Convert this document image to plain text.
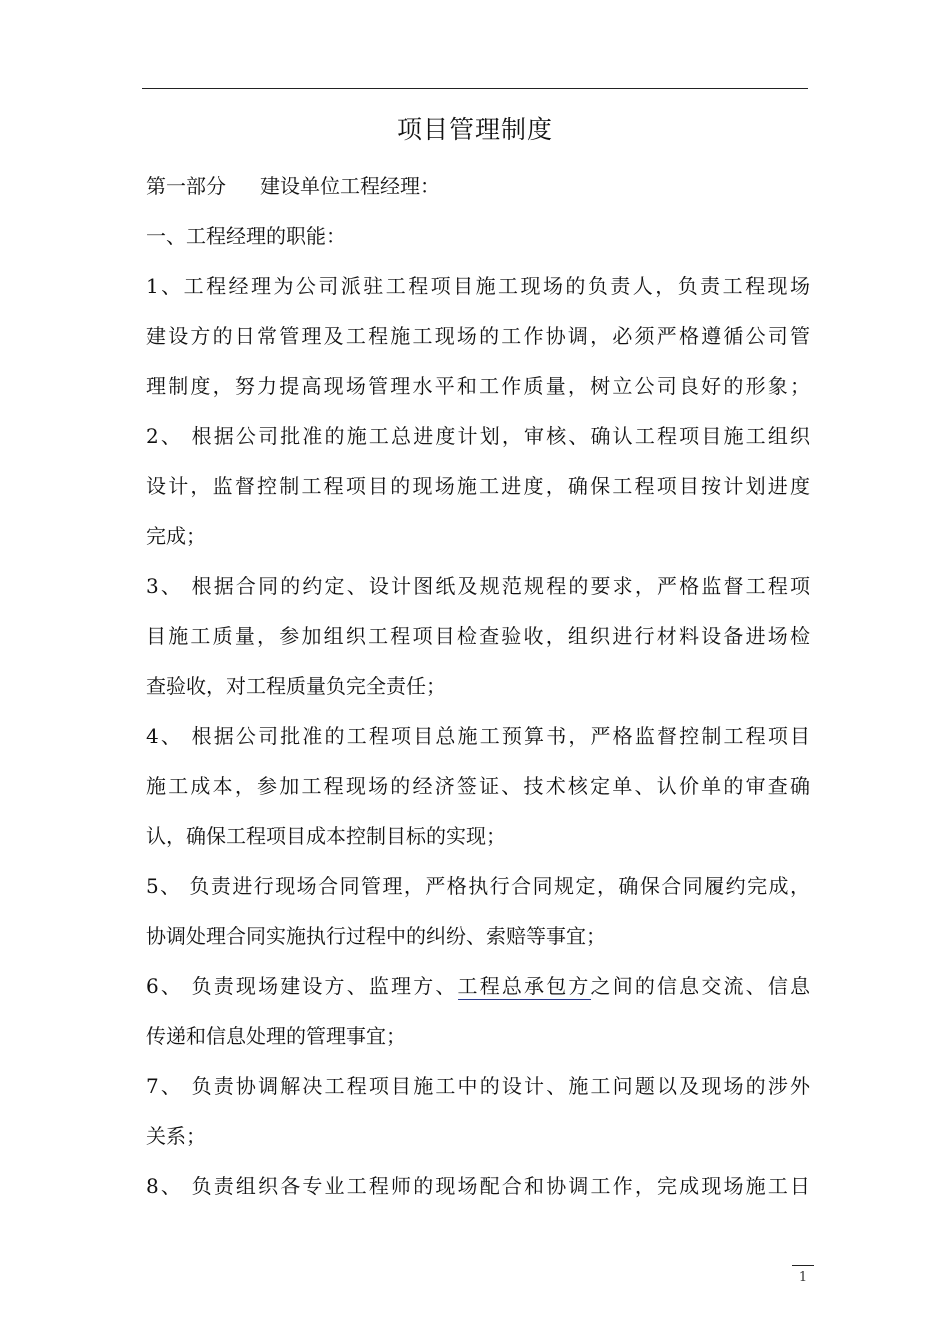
项目管理制度
第一部分 建设单位工程经理：
一、工程经理的职能：
1、工程经理为公司派驻工程项目施工现场的负责人，负责工程现场
建设方的日常管理及工程施工现场的工作协调，必须严格遵循公司管
理制度，努力提高现场管理水平和工作质量，树立公司良好的形象；
2、 根据公司批准的施工总进度计划，审核、确认工程项目施工组织
设计，监督控制工程项目的现场施工进度，确保工程项目按计划进度
完成；
3、 根据合同的约定、设计图纸及规范规程的要求，严格监督工程项
目施工质量，参加组织工程项目检查验收，组织进行材料设备进场检
查验收，对工程质量负完全责任；
4、 根据公司批准的工程项目总施工预算书，严格监督控制工程项目
施工成本，参加工程现场的经济签证、技术核定单、认价单的审查确
认，确保工程项目成本控制目标的实现；
5、 负责进行现场合同管理，严格执行合同规定，确保合同履约完成，
协调处理合同实施执行过程中的纠纷、索赔等事宜；
6、 负责现场建设方、监理方、工程总承包方之间的信息交流、信息
传递和信息处理的管理事宜；
7、 负责协调解决工程项目施工中的设计、施工问题以及现场的涉外
关系；
8、 负责组织各专业工程师的现场配合和协调工作，完成现场施工日
1
